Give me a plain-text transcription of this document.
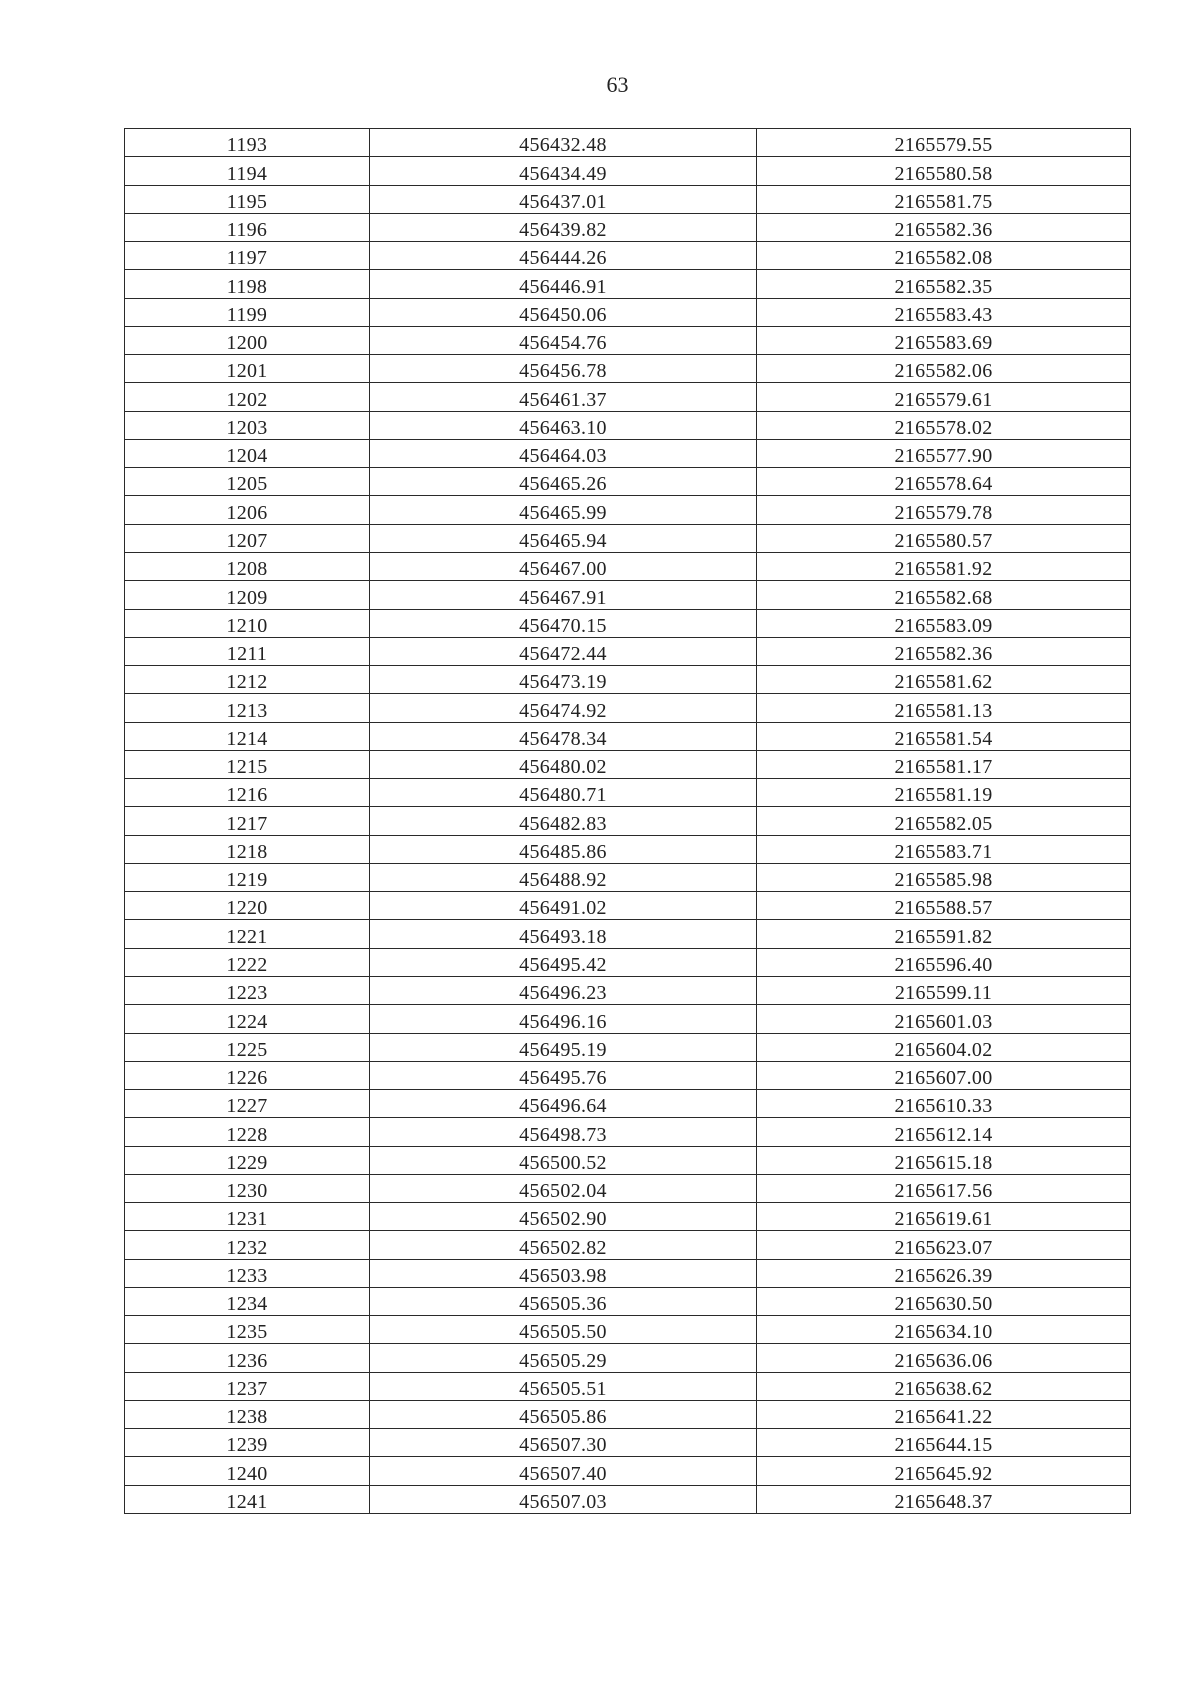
63
1193	456432.48	2165579.55
1194	456434.49	2165580.58
1195	456437.01	2165581.75
1196	456439.82	2165582.36
1197	456444.26	2165582.08
1198	456446.91	2165582.35
1199	456450.06	2165583.43
1200	456454.76	2165583.69
1201	456456.78	2165582.06
1202	456461.37	2165579.61
1203	456463.10	2165578.02
1204	456464.03	2165577.90
1205	456465.26	2165578.64
1206	456465.99	2165579.78
1207	456465.94	2165580.57
1208	456467.00	2165581.92
1209	456467.91	2165582.68
1210	456470.15	2165583.09
1211	456472.44	2165582.36
1212	456473.19	2165581.62
1213	456474.92	2165581.13
1214	456478.34	2165581.54
1215	456480.02	2165581.17
1216	456480.71	2165581.19
1217	456482.83	2165582.05
1218	456485.86	2165583.71
1219	456488.92	2165585.98
1220	456491.02	2165588.57
1221	456493.18	2165591.82
1222	456495.42	2165596.40
1223	456496.23	2165599.11
1224	456496.16	2165601.03
1225	456495.19	2165604.02
1226	456495.76	2165607.00
1227	456496.64	2165610.33
1228	456498.73	2165612.14
1229	456500.52	2165615.18
1230	456502.04	2165617.56
1231	456502.90	2165619.61
1232	456502.82	2165623.07
1233	456503.98	2165626.39
1234	456505.36	2165630.50
1235	456505.50	2165634.10
1236	456505.29	2165636.06
1237	456505.51	2165638.62
1238	456505.86	2165641.22
1239	456507.30	2165644.15
1240	456507.40	2165645.92
1241	456507.03	2165648.37
